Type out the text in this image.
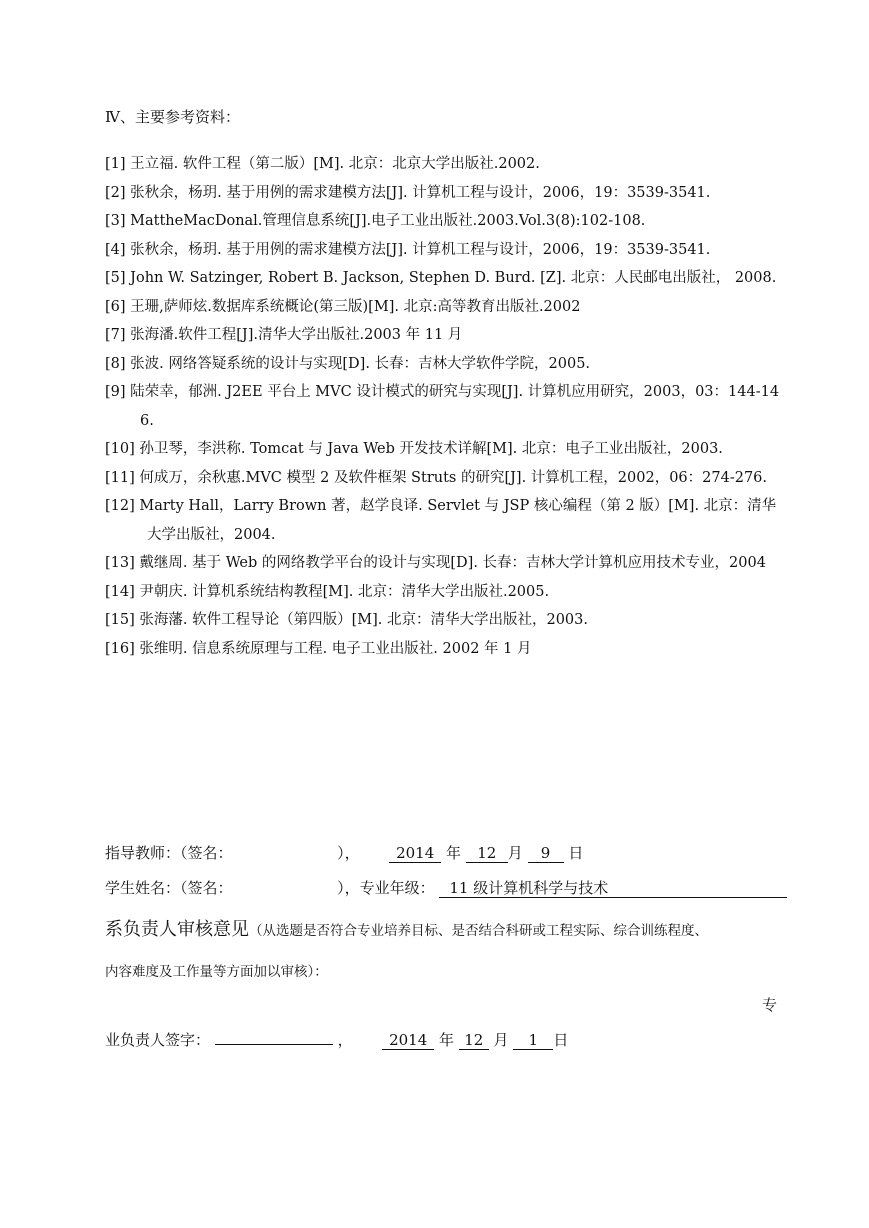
Ⅳ、主要参考资料：
[1] 王立福. 软件工程（第二版）[M]. 北京：北京大学出版社.2002.
[2] 张秋余，杨玥. 基于用例的需求建模方法[J]. 计算机工程与设计，2006，19：3539-3541.
[3] MattheMacDonal.管理信息系统[J].电子工业出版社.2003.Vol.3(8):102-108.
[4] 张秋余，杨玥. 基于用例的需求建模方法[J]. 计算机工程与设计，2006，19：3539-3541.
[5] John W. Satzinger, Robert B. Jackson, Stephen D. Burd. [Z]. 北京：人民邮电出版社， 2008.
[6] 王珊,萨师炫.数据库系统概论(第三版)[M]. 北京:高等教育出版社.2002
[7] 张海潘.软件工程[J].清华大学出版社.2003 年 11 月
[8] 张波. 网络答疑系统的设计与实现[D]. 长春：吉林大学软件学院，2005.
[9] 陆荣幸，郁洲. J2EE 平台上 MVC 设计模式的研究与实现[J]. 计算机应用研究，2003，03：144-146.
[10] 孙卫琴，李洪称. Tomcat 与 Java Web 开发技术详解[M]. 北京：电子工业出版社，2003.
[11] 何成万，余秋惠.MVC 模型 2 及软件框架 Struts 的研究[J]. 计算机工程，2002，06：274-276.
[12] Marty Hall，Larry Brown 著，赵学良译. Servlet 与 JSP 核心编程（第 2 版）[M]. 北京：清华大学出版社，2004.
[13] 戴继周. 基于 Web 的网络教学平台的设计与实现[D]. 长春：吉林大学计算机应用技术专业，2004
[14] 尹朝庆. 计算机系统结构教程[M]. 北京：清华大学出版社.2005.
[15] 张海藩. 软件工程导论（第四版）[M]. 北京：清华大学出版社，2003.
[16] 张维明. 信息系统原理与工程. 电子工业出版社. 2002 年 1 月
指导教师：（签名：	）， 2014 年 12 月 9 日
学生姓名：（签名：	），专业年级： 11 级计算机科学与技术
系负责人审核意见（从选题是否符合专业培养目标、是否结合科研或工程实际、综合训练程度、
内容难度及工作量等方面加以审核）：
专
业负责人签字：	， 2014 年 12 月 1 日
